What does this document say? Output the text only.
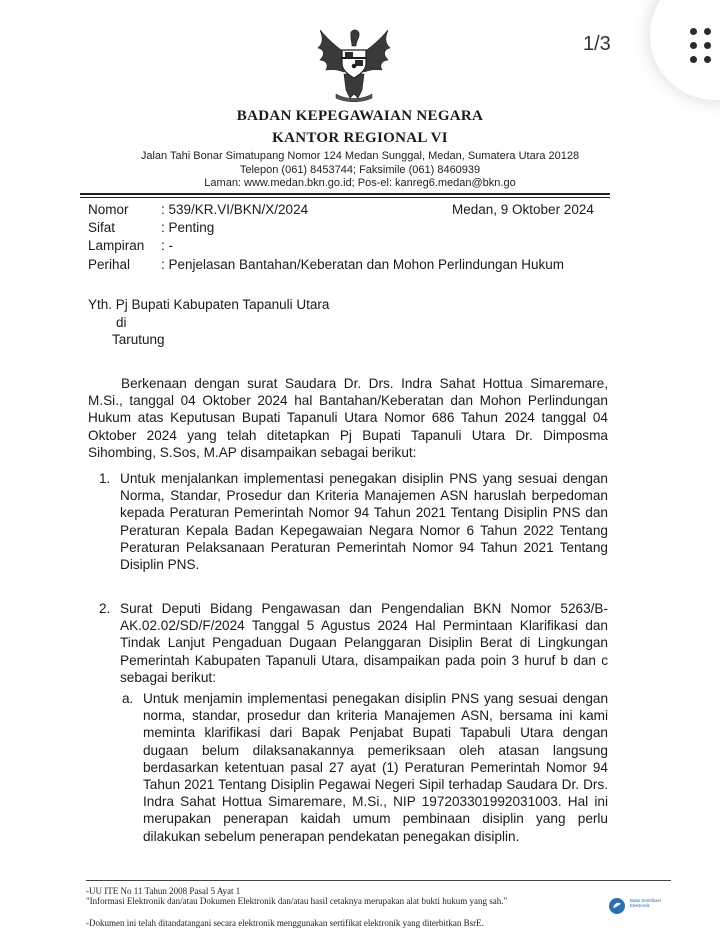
1/3
BADAN KEPEGAWAIAN NEGARA
KANTOR REGIONAL VI
Jalan Tahi Bonar Simatupang Nomor 124 Medan Sunggal, Medan, Sumatera Utara 20128
Telepon (061) 8453744; Faksimile (061) 8460939
Laman: www.medan.bkn.go.id; Pos-el: kanreg6.medan@bkn.go
Nomor : 539/KR.VI/BKN/X/2024	Medan, 9 Oktober 2024
Sifat	: Penting
Lampiran : -
Perihal : Penjelasan Bantahan/Keberatan dan Mohon Perlindungan Hukum
Yth. Pj Bupati Kabupaten Tapanuli Utara
di
Tarutung
Berkenaan dengan surat Saudara Dr. Drs. Indra Sahat Hottua Simaremare, M.Si., tanggal 04 Oktober 2024 hal Bantahan/Keberatan dan Mohon Perlindungan Hukum atas Keputusan Bupati Tapanuli Utara Nomor 686 Tahun 2024 tanggal 04 Oktober 2024 yang telah ditetapkan Pj Bupati Tapanuli Utara Dr. Dimposma Sihombing, S.Sos, M.AP disampaikan sebagai berikut:
1. Untuk menjalankan implementasi penegakan disiplin PNS yang sesuai dengan Norma, Standar, Prosedur dan Kriteria Manajemen ASN haruslah berpedoman kepada Peraturan Pemerintah Nomor 94 Tahun 2021 Tentang Disiplin PNS dan Peraturan Kepala Badan Kepegawaian Negara Nomor 6 Tahun 2022 Tentang Peraturan Pelaksanaan Peraturan Pemerintah Nomor 94 Tahun 2021 Tentang Disiplin PNS.
2. Surat Deputi Bidang Pengawasan dan Pengendalian BKN Nomor 5263/B-AK.02.02/SD/F/2024 Tanggal 5 Agustus 2024 Hal Permintaan Klarifikasi dan Tindak Lanjut Pengaduan Dugaan Pelanggaran Disiplin Berat di Lingkungan Pemerintah Kabupaten Tapanuli Utara, disampaikan pada poin 3 huruf b dan c sebagai berikut:
a. Untuk menjamin implementasi penegakan disiplin PNS yang sesuai dengan norma, standar, prosedur dan kriteria Manajemen ASN, bersama ini kami meminta klarifikasi dari Bapak Penjabat Bupati Tapabuli Utara dengan dugaan belum dilaksanakannya pemeriksaan oleh atasan langsung berdasarkan ketentuan pasal 27 ayat (1) Peraturan Pemerintah Nomor 94 Tahun 2021 Tentang Disiplin Pegawai Negeri Sipil terhadap Saudara Dr. Drs. Indra Sahat Hottua Simaremare, M.Si., NIP 197203301992031003. Hal ini merupakan penerapan kaidah umum pembinaan disiplin yang perlu dilakukan sebelum penerapan pendekatan penegakan disiplin.
-UU ITE No 11 Tahun 2008 Pasal 5 Ayat 1
"Informasi Elektronik dan/atau Dokumen Elektronik dan/atau hasil cetaknya merupakan alat bukti hukum yang sah."
-Dokumen ini telah ditandatangani secara elektronik menggunakan sertifikat elektronik yang diterbitkan BsrE.
Balai Sertifikasi Elektronik
